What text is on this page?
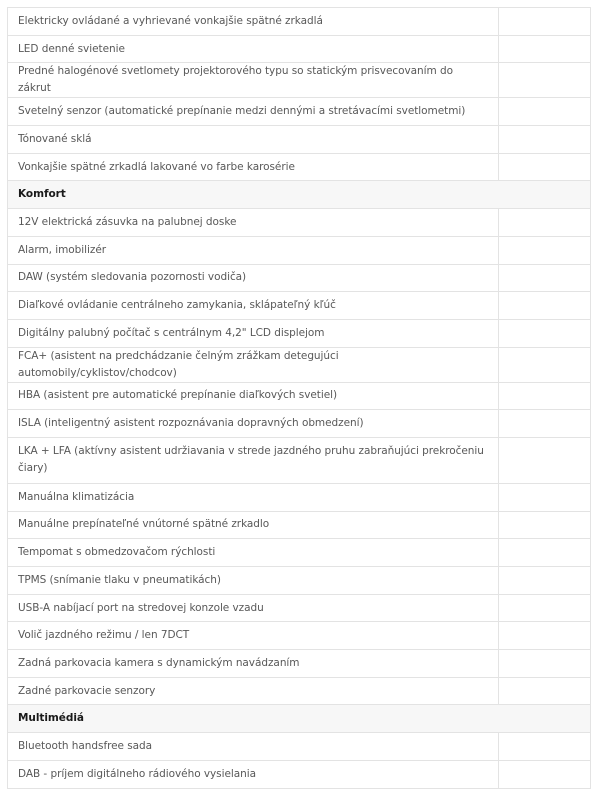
Elektricky ovládané a vyhrievané vonkajšie spätné zrkadlá	
LED denné svietenie	
Predné halogénové svetlomety projektorového typu so statickým prisvecovaním do zákrut	
Svetelný senzor (automatické prepínanie medzi dennými a stretávacími svetlometmi)	
Tónované sklá	
Vonkajšie spätné zrkadlá lakované vo farbe karosérie	
Komfort	
12V elektrická zásuvka na palubnej doske	
Alarm, imobilizér	
DAW (systém sledovania pozornosti vodiča)	
Diaľkové ovládanie centrálneho zamykania, sklápateľný kľúč	
Digitálny palubný počítač s centrálnym 4,2" LCD displejom	
FCA+ (asistent na predchádzanie čelným zrážkam detegujúci automobily/cyklistov/chodcov)	
HBA (asistent pre automatické prepínanie diaľkových svetiel)	
ISLA (inteligentný asistent rozpoznávania dopravných obmedzení)	
LKA + LFA (aktívny asistent udržiavania v strede jazdného pruhu zabraňujúci prekročeniu čiary)	
Manuálna klimatizácia	
Manuálne prepínateľné vnútorné spätné zrkadlo	
Tempomat s obmedzovačom rýchlosti	
TPMS (snímanie tlaku v pneumatikách)	
USB-A nabíjací port na stredovej konzole vzadu	
Volič jazdného režimu / len 7DCT	
Zadná parkovacia kamera s dynamickým navádzaním	
Zadné parkovacie senzory	
Multimédiá	
Bluetooth handsfree sada	
DAB - príjem digitálneho rádiového vysielania	
